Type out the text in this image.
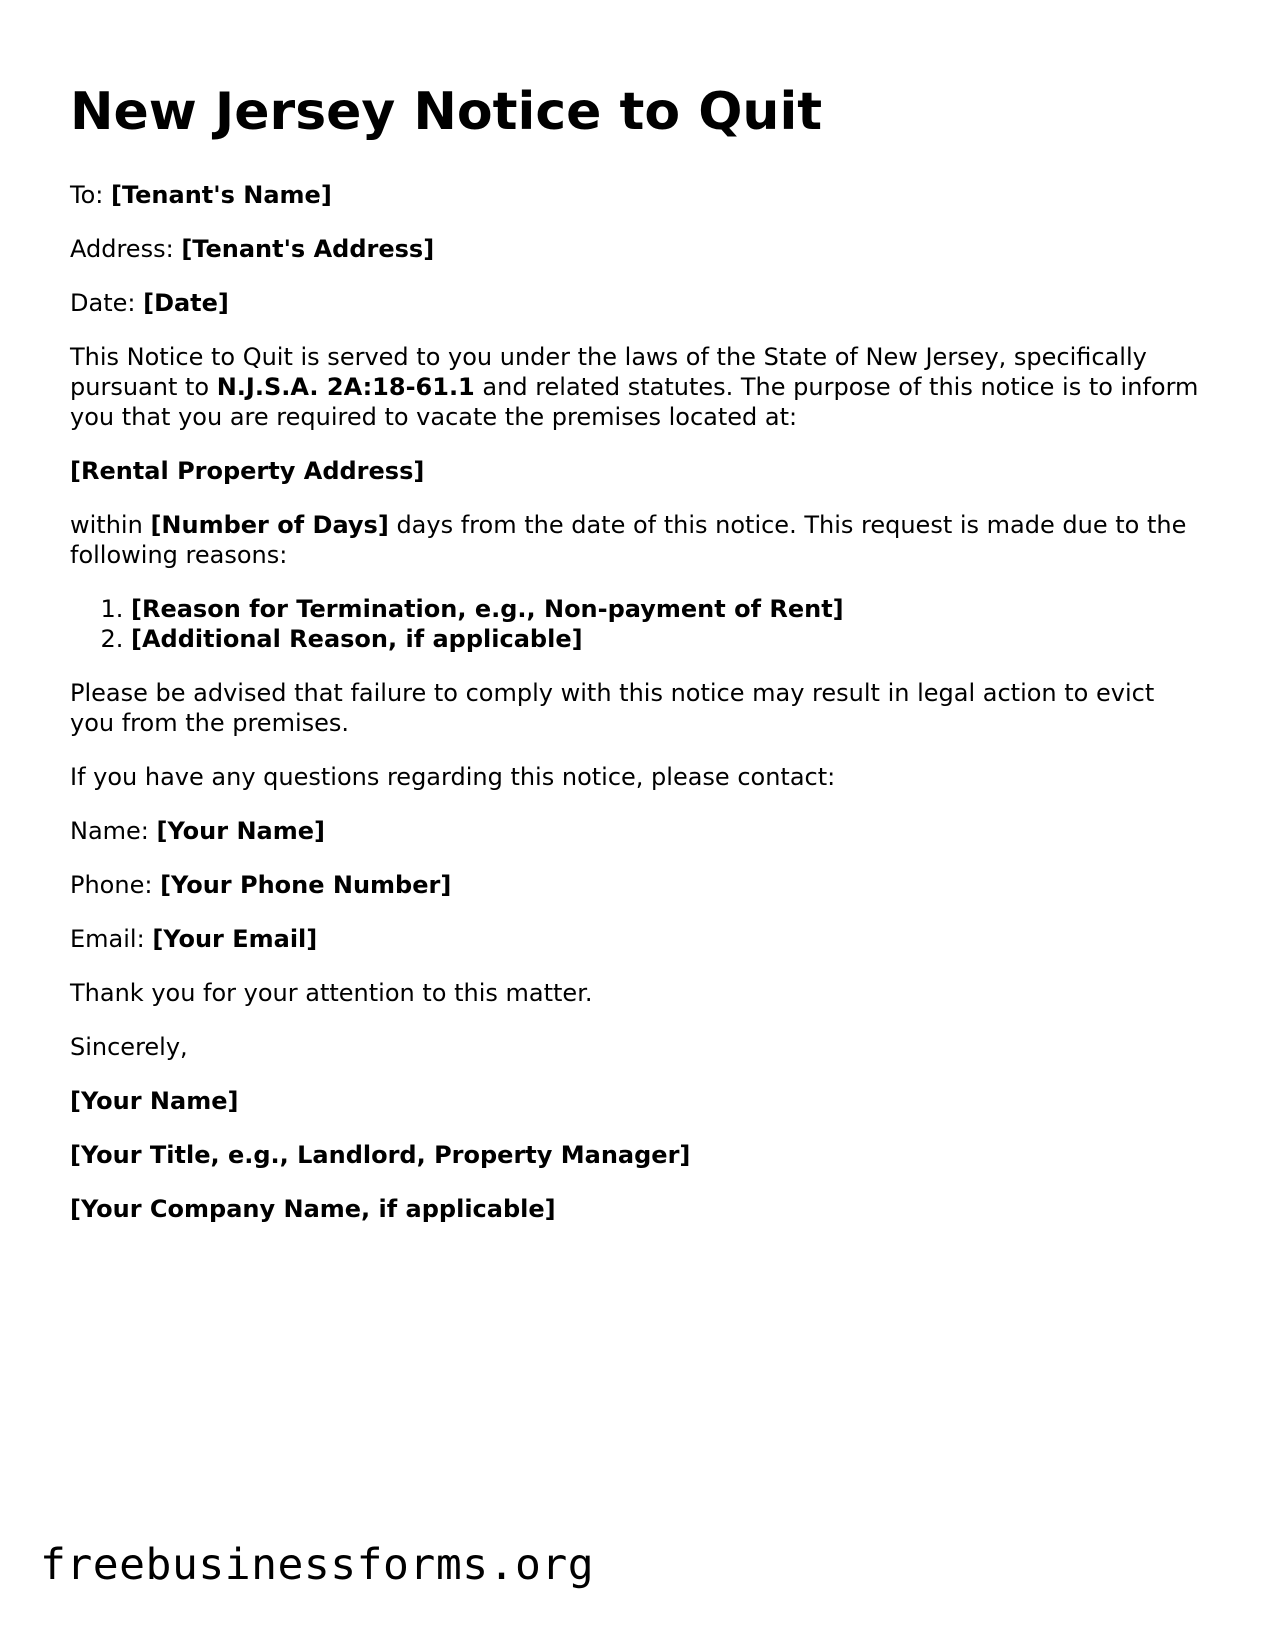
New Jersey Notice to Quit

To: [Tenant's Name]

Address: [Tenant's Address]

Date: [Date]

This Notice to Quit is served to you under the laws of the State of New Jersey, specifically pursuant to N.J.S.A. 2A:18-61.1 and related statutes. The purpose of this notice is to inform you that you are required to vacate the premises located at:

[Rental Property Address]

within [Number of Days] days from the date of this notice. This request is made due to the following reasons:

1. [Reason for Termination, e.g., Non-payment of Rent]
2. [Additional Reason, if applicable]

Please be advised that failure to comply with this notice may result in legal action to evict you from the premises.

If you have any questions regarding this notice, please contact:

Name: [Your Name]

Phone: [Your Phone Number]

Email: [Your Email]

Thank you for your attention to this matter.

Sincerely,

[Your Name]

[Your Title, e.g., Landlord, Property Manager]

[Your Company Name, if applicable]

freebusinessforms.org
